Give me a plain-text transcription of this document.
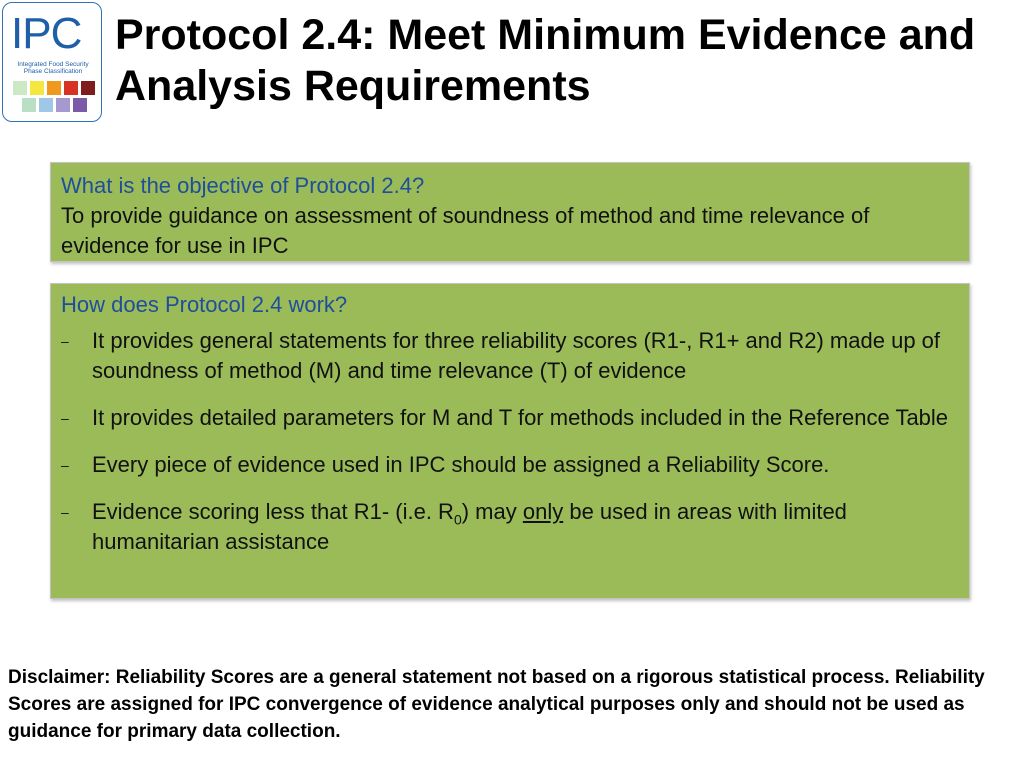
IPC
Integrated Food Security Phase Classification
Protocol 2.4: Meet Minimum Evidence and Analysis Requirements
What is the objective of Protocol 2.4?
To provide guidance on assessment of soundness of method and time relevance of evidence for use in IPC
How does Protocol 2.4 work?
– It provides general statements for three reliability scores (R1-, R1+ and R2) made up of soundness of method (M) and time relevance (T) of evidence
– It provides detailed parameters for M and T for methods included in the Reference Table
– Every piece of evidence used in IPC should be assigned a Reliability Score.
– Evidence scoring less that R1- (i.e. $R_0$) may only be used in areas with limited humanitarian assistance
Disclaimer: Reliability Scores are a general statement not based on a rigorous statistical process. Reliability Scores are assigned for IPC convergence of evidence analytical purposes only and should not be used as guidance for primary data collection.
